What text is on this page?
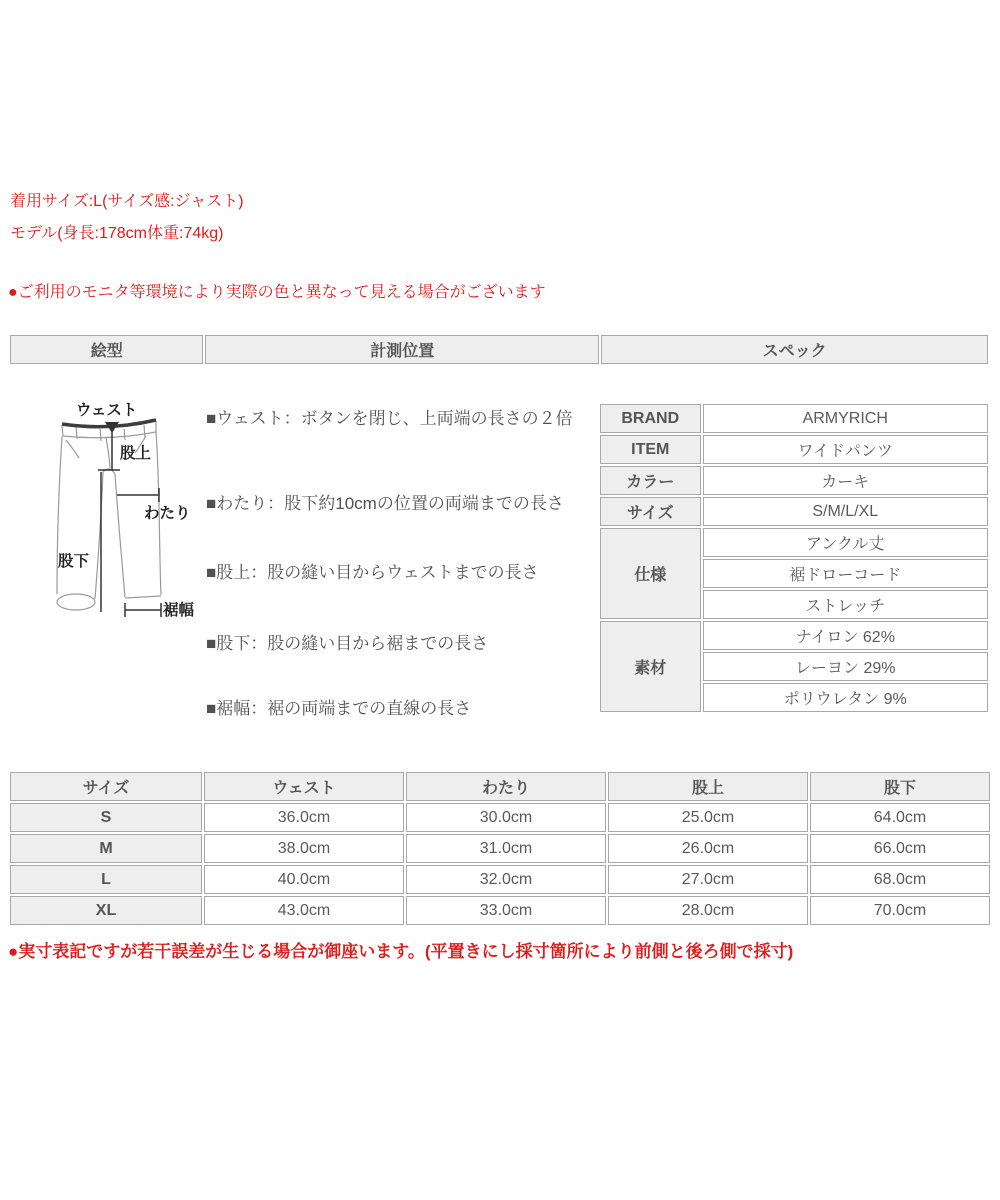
着用サイズ:L(サイズ感:ジャスト)
モデル(身長:178cm体重:74kg)
●ご利用のモニタ等環境により実際の色と異なって見える場合がございます
絵型	計測位置	スペック
ウェスト
股上
わたり
股下
裾幅
■ウェスト：ボタンを閉じ、上両端の長さの２倍
■わたり：股下約10cmの位置の両端までの長さ
■股上：股の縫い目からウェストまでの長さ
■股下：股の縫い目から裾までの長さ
■裾幅：裾の両端までの直線の長さ
BRAND	ARMYRICH
ITEM	ワイドパンツ
カラー	カーキ
サイズ	S/M/L/XL
仕様	アンクル丈
	裾ドローコード
	ストレッチ
素材	ナイロン 62%
	レーヨン 29%
	ポリウレタン 9%
サイズ	ウェスト	わたり	股上	股下
S	36.0cm	30.0cm	25.0cm	64.0cm
M	38.0cm	31.0cm	26.0cm	66.0cm
L	40.0cm	32.0cm	27.0cm	68.0cm
XL	43.0cm	33.0cm	28.0cm	70.0cm
●実寸表記ですが若干誤差が生じる場合が御座います。(平置きにし採寸箇所により前側と後ろ側で採寸)
